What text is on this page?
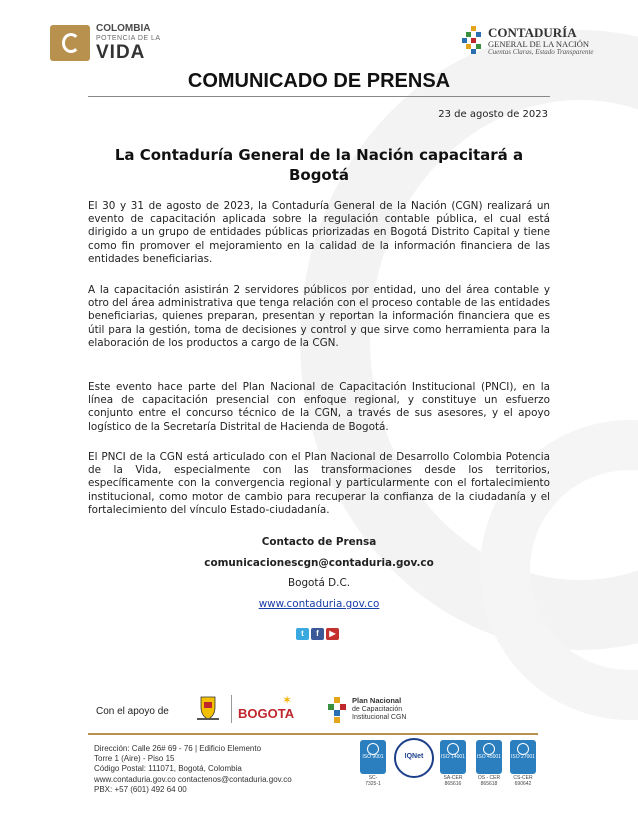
COLOMBIA
POTENCIA DE LA
VIDA
CONTADURÍA
GENERAL DE LA NACIÓN
Cuentas Claras, Estado Transparente
COMUNICADO DE PRENSA
23 de agosto de 2023
La Contaduría General de la Nación capacitará a Bogotá

El 30 y 31 de agosto de 2023, la Contaduría General de la Nación (CGN) realizará un evento de capacitación aplicada sobre la regulación contable pública, el cual está dirigido a un grupo de entidades públicas priorizadas en Bogotá Distrito Capital y tiene como fin promover el mejoramiento en la calidad de la información financiera de las entidades beneficiarias.

A la capacitación asistirán 2 servidores públicos por entidad, uno del área contable y otro del área administrativa que tenga relación con el proceso contable de las entidades beneficiarias, quienes preparan, presentan y reportan la información financiera que es útil para la gestión, toma de decisiones y control y que sirve como herramienta para la elaboración de los productos a cargo de la CGN.

Este evento hace parte del Plan Nacional de Capacitación Institucional (PNCI), en la línea de capacitación presencial con enfoque regional, y constituye un esfuerzo conjunto entre el concurso técnico de la CGN, a través de sus asesores, y el apoyo logístico de la Secretaría Distrital de Hacienda de Bogotá.

El PNCI de la CGN está articulado con el Plan Nacional de Desarrollo Colombia Potencia de la Vida, especialmente con las transformaciones desde los territorios, específicamente con la convergencia regional y particularmente con el fortalecimiento institucional, como motor de cambio para recuperar la confianza de la ciudadanía y el fortalecimiento del vínculo Estado-ciudadanía.

Contacto de Prensa
comunicacionescgn@contaduria.gov.co
Bogotá D.C.
www.contaduria.gov.co
t	f	▶
Con el apoyo de	BOGOTA
✶	Plan Nacional
de Capacitación
Institucional CGN
Dirección: Calle 26# 69 - 76 | Edificio Elemento
Torre 1 (Aire) - Piso 15
Código Postal: 111071, Bogotá, Colombia
www.contaduria.gov.co contactenos@contaduria.gov.co
PBX: +57 (601) 492 64 00
ISO 9001
SC-
7325-1
IQNet	ISO 14001
SA-CER
865616
ISO 45001
OS - CER
865618
ISO 27001
CS-CER
690642
